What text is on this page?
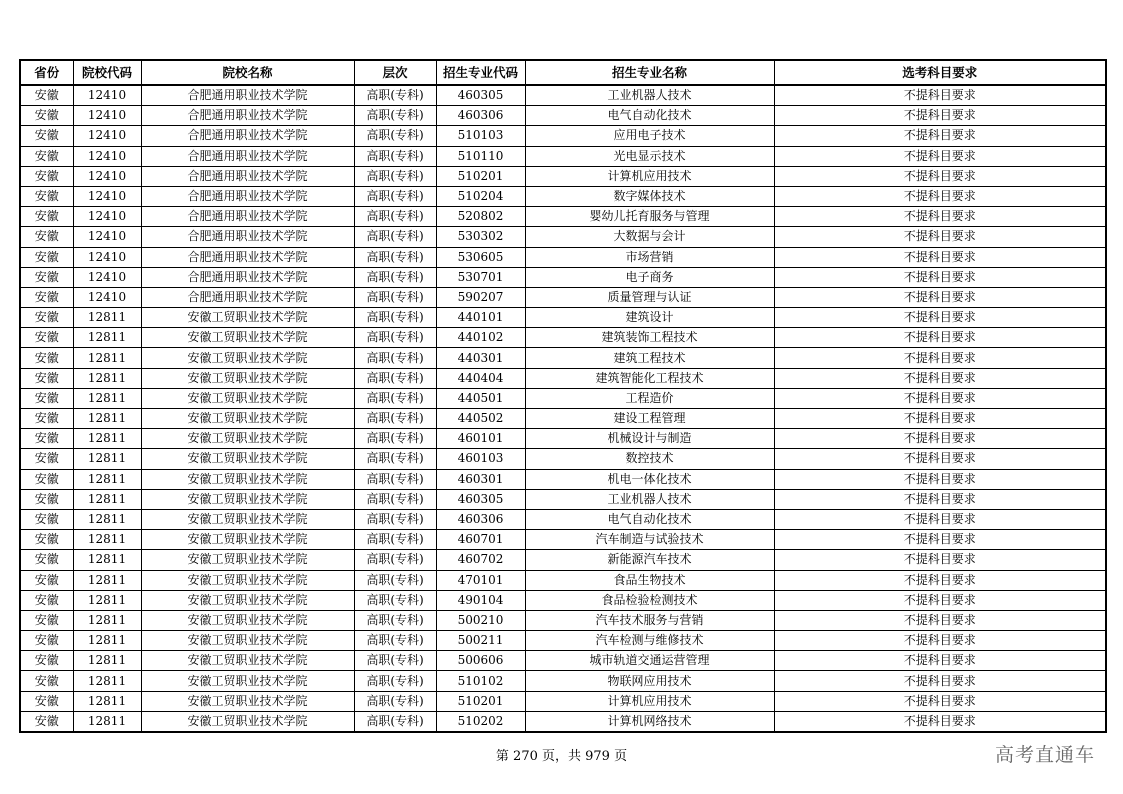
省份	院校代码	院校名称	层次	招生专业代码	招生专业名称	选考科目要求
安徽	12410	合肥通用职业技术学院	高职(专科)	460305	工业机器人技术	不提科目要求
安徽	12410	合肥通用职业技术学院	高职(专科)	460306	电气自动化技术	不提科目要求
安徽	12410	合肥通用职业技术学院	高职(专科)	510103	应用电子技术	不提科目要求
安徽	12410	合肥通用职业技术学院	高职(专科)	510110	光电显示技术	不提科目要求
安徽	12410	合肥通用职业技术学院	高职(专科)	510201	计算机应用技术	不提科目要求
安徽	12410	合肥通用职业技术学院	高职(专科)	510204	数字媒体技术	不提科目要求
安徽	12410	合肥通用职业技术学院	高职(专科)	520802	婴幼儿托育服务与管理	不提科目要求
安徽	12410	合肥通用职业技术学院	高职(专科)	530302	大数据与会计	不提科目要求
安徽	12410	合肥通用职业技术学院	高职(专科)	530605	市场营销	不提科目要求
安徽	12410	合肥通用职业技术学院	高职(专科)	530701	电子商务	不提科目要求
安徽	12410	合肥通用职业技术学院	高职(专科)	590207	质量管理与认证	不提科目要求
安徽	12811	安徽工贸职业技术学院	高职(专科)	440101	建筑设计	不提科目要求
安徽	12811	安徽工贸职业技术学院	高职(专科)	440102	建筑装饰工程技术	不提科目要求
安徽	12811	安徽工贸职业技术学院	高职(专科)	440301	建筑工程技术	不提科目要求
安徽	12811	安徽工贸职业技术学院	高职(专科)	440404	建筑智能化工程技术	不提科目要求
安徽	12811	安徽工贸职业技术学院	高职(专科)	440501	工程造价	不提科目要求
安徽	12811	安徽工贸职业技术学院	高职(专科)	440502	建设工程管理	不提科目要求
安徽	12811	安徽工贸职业技术学院	高职(专科)	460101	机械设计与制造	不提科目要求
安徽	12811	安徽工贸职业技术学院	高职(专科)	460103	数控技术	不提科目要求
安徽	12811	安徽工贸职业技术学院	高职(专科)	460301	机电一体化技术	不提科目要求
安徽	12811	安徽工贸职业技术学院	高职(专科)	460305	工业机器人技术	不提科目要求
安徽	12811	安徽工贸职业技术学院	高职(专科)	460306	电气自动化技术	不提科目要求
安徽	12811	安徽工贸职业技术学院	高职(专科)	460701	汽车制造与试验技术	不提科目要求
安徽	12811	安徽工贸职业技术学院	高职(专科)	460702	新能源汽车技术	不提科目要求
安徽	12811	安徽工贸职业技术学院	高职(专科)	470101	食品生物技术	不提科目要求
安徽	12811	安徽工贸职业技术学院	高职(专科)	490104	食品检验检测技术	不提科目要求
安徽	12811	安徽工贸职业技术学院	高职(专科)	500210	汽车技术服务与营销	不提科目要求
安徽	12811	安徽工贸职业技术学院	高职(专科)	500211	汽车检测与维修技术	不提科目要求
安徽	12811	安徽工贸职业技术学院	高职(专科)	500606	城市轨道交通运营管理	不提科目要求
安徽	12811	安徽工贸职业技术学院	高职(专科)	510102	物联网应用技术	不提科目要求
安徽	12811	安徽工贸职业技术学院	高职(专科)	510201	计算机应用技术	不提科目要求
安徽	12811	安徽工贸职业技术学院	高职(专科)	510202	计算机网络技术	不提科目要求
第 270 页，共 979 页	高考直通车
